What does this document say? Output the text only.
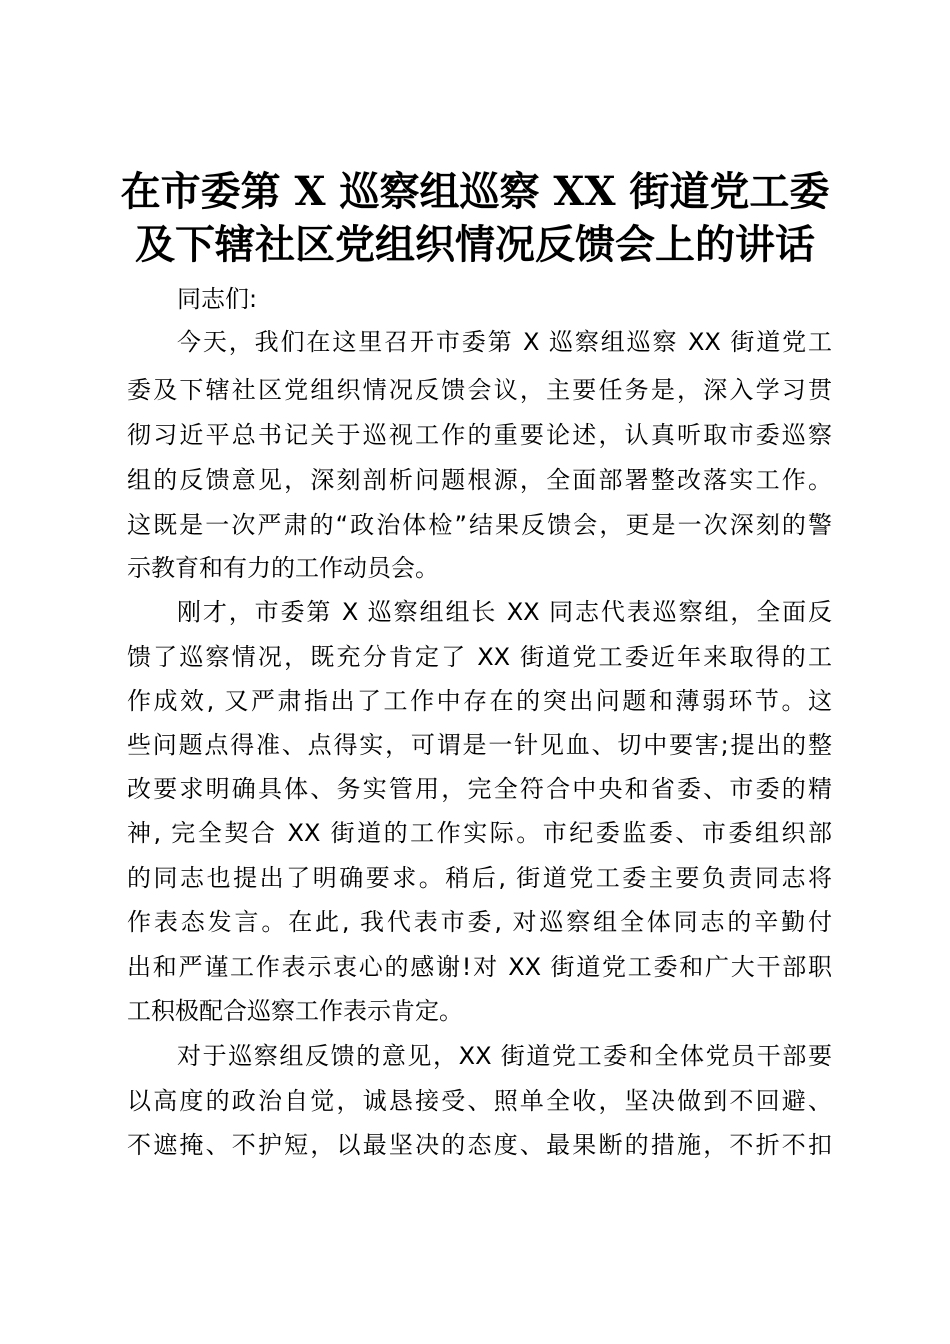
在市委第 X 巡察组巡察 XX 街道党工委
及下辖社区党组织情况反馈会上的讲话
同志们:
今天，我们在这里召开市委第 X 巡察组巡察 XX 街道党工
委及下辖社区党组织情况反馈会议，主要任务是，深入学习贯
彻习近平总书记关于巡视工作的重要论述，认真听取市委巡察
组的反馈意见，深刻剖析问题根源，全面部署整改落实工作。
这既是一次严肃的“政治体检”结果反馈会，更是一次深刻的警
示教育和有力的工作动员会。
刚才，市委第 X 巡察组组长 XX 同志代表巡察组，全面反
馈了巡察情况，既充分肯定了 XX 街道党工委近年来取得的工
作成效, 又严肃指出了工作中存在的突出问题和薄弱环节。这
些问题点得准、点得实，可谓是一针见血、切中要害;提出的整
改要求明确具体、务实管用，完全符合中央和省委、市委的精
神, 完全契合 XX 街道的工作实际。市纪委监委、市委组织部
的同志也提出了明确要求。稍后, 街道党工委主要负责同志将
作表态发言。在此, 我代表市委, 对巡察组全体同志的辛勤付
出和严谨工作表示衷心的感谢!对 XX 街道党工委和广大干部职
工积极配合巡察工作表示肯定。
对于巡察组反馈的意见，XX 街道党工委和全体党员干部要
以高度的政治自觉，诚恳接受、照单全收，坚决做到不回避、
不遮掩、不护短，以最坚决的态度、最果断的措施，不折不扣
